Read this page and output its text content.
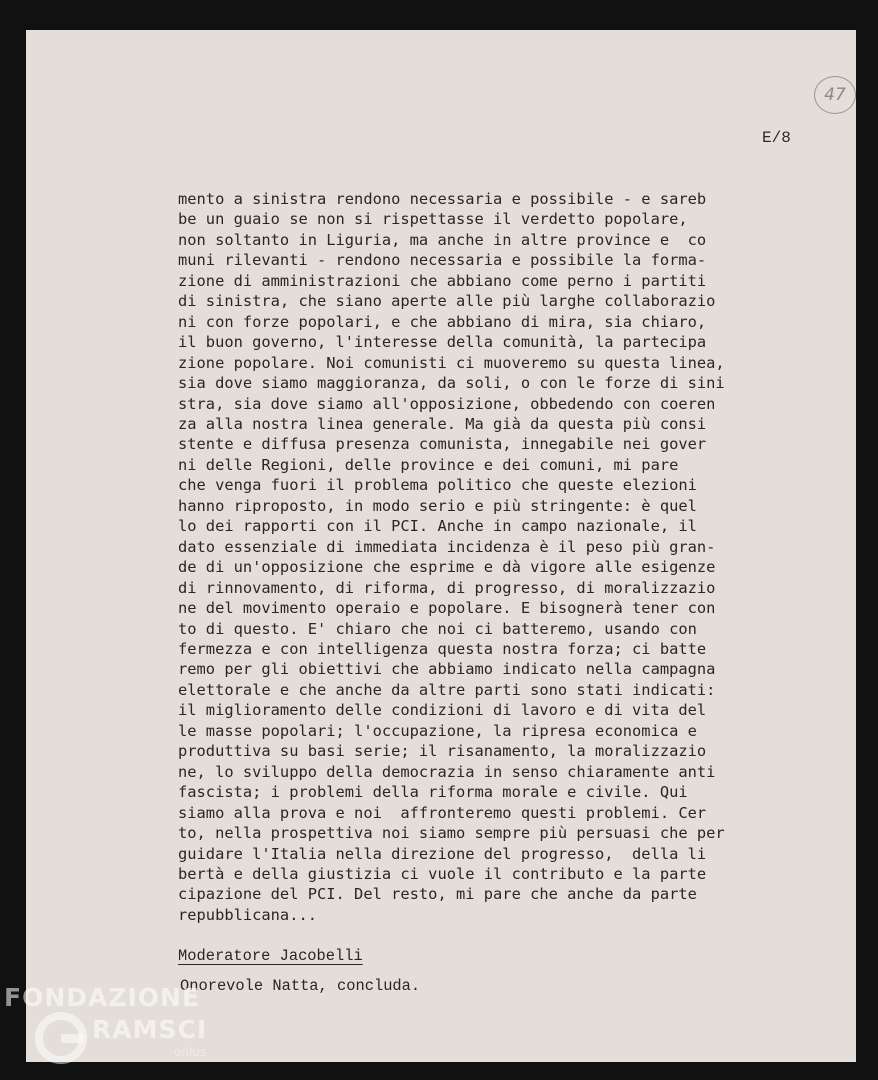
47
E/8
mento a sinistra rendono necessaria e possibile - e sareb
be un guaio se non si rispettasse il verdetto popolare,
non soltanto in Liguria, ma anche in altre province e  co
muni rilevanti - rendono necessaria e possibile la forma-
zione di amministrazioni che abbiano come perno i partiti
di sinistra, che siano aperte alle più larghe collaborazio
ni con forze popolari, e che abbiano di mira, sia chiaro,
il buon governo, l'interesse della comunità, la partecipa
zione popolare. Noi comunisti ci muoveremo su questa linea,
sia dove siamo maggioranza, da soli, o con le forze di sini
stra, sia dove siamo all'opposizione, obbedendo con coeren
za alla nostra linea generale. Ma già da questa più consi
stente e diffusa presenza comunista, innegabile nei gover
ni delle Regioni, delle province e dei comuni, mi pare
che venga fuori il problema politico che queste elezioni
hanno riproposto, in modo serio e più stringente: è quel
lo dei rapporti con il PCI. Anche in campo nazionale, il
dato essenziale di immediata incidenza è il peso più gran-
de di un'opposizione che esprime e dà vigore alle esigenze
di rinnovamento, di riforma, di progresso, di moralizzazio
ne del movimento operaio e popolare. E bisognerà tener con
to di questo. E' chiaro che noi ci batteremo, usando con
fermezza e con intelligenza questa nostra forza; ci batte
remo per gli obiettivi che abbiamo indicato nella campagna
elettorale e che anche da altre parti sono stati indicati:
il miglioramento delle condizioni di lavoro e di vita del
le masse popolari; l'occupazione, la ripresa economica e
produttiva su basi serie; il risanamento, la moralizzazio
ne, lo sviluppo della democrazia in senso chiaramente anti
fascista; i problemi della riforma morale e civile. Qui
siamo alla prova e noi  affronteremo questi problemi. Cer
to, nella prospettiva noi siamo sempre più persuasi che per
guidare l'Italia nella direzione del progresso,  della li
bertà e della giustizia ci vuole il contributo e la parte
cipazione del PCI. Del resto, mi pare che anche da parte
repubblicana...
Moderatore Jacobelli
Onorevole Natta, concluda.
FONDAZIONE
RAMSCI
onlus
